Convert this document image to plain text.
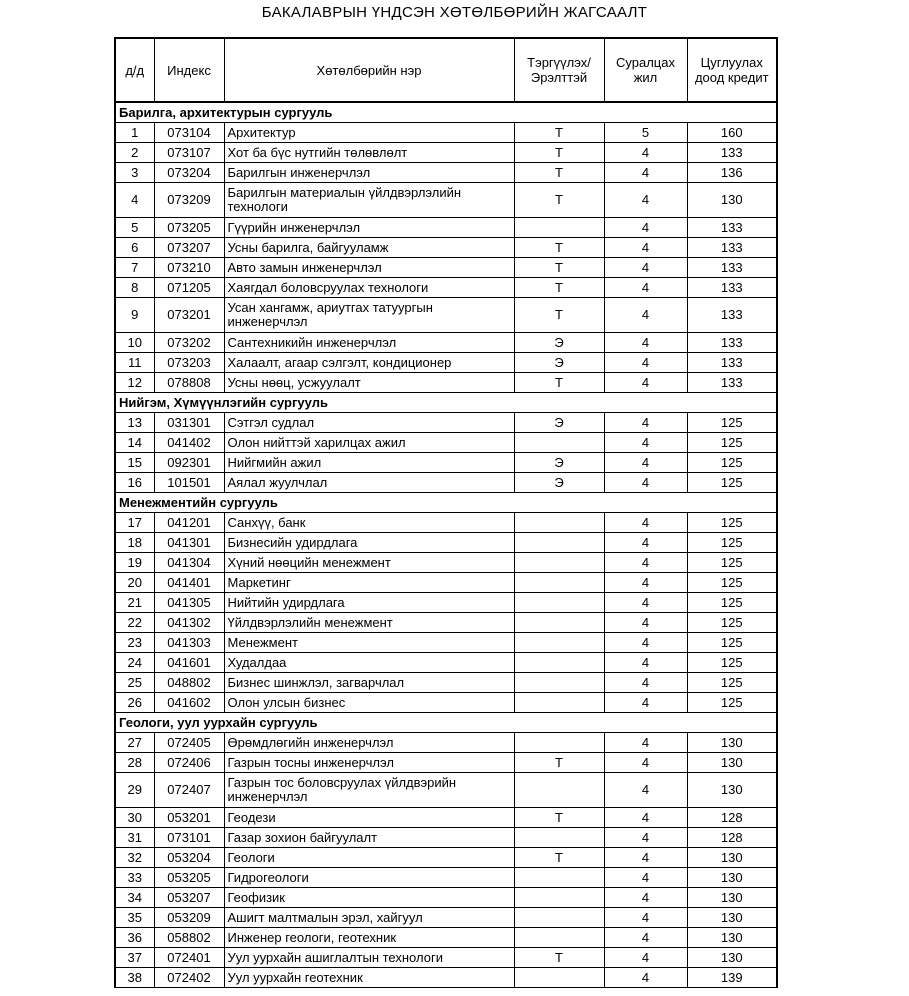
БАКАЛАВРЫН ҮНДСЭН ХӨТӨЛБӨРИЙН ЖАГСААЛТ
д/д	Индекс	Хөтөлбөрийн нэр	Тэргүүлэх/ Эрэлттэй	Суралцах жил	Цуглуулах доод кредит
Барилга, архитектурын сургууль					
1	073104	Архитектур	Т	5	160
2	073107	Хот ба бүс нутгийн төлөвлөлт	Т	4	133
3	073204	Барилгын инженерчлэл	Т	4	136
4	073209	Барилгын материалын үйлдвэрлэлийн технологи	Т	4	130
5	073205	Гүүрийн инженерчлэл		4	133
6	073207	Усны барилга, байгууламж	Т	4	133
7	073210	Авто замын инженерчлэл	Т	4	133
8	071205	Хаягдал боловсруулах технологи	Т	4	133
9	073201	Усан хангамж, ариутгах татуургын инженерчлэл	Т	4	133
10	073202	Сантехникийн инженерчлэл	Э	4	133
11	073203	Халаалт, агаар сэлгэлт, кондиционер	Э	4	133
12	078808	Усны нөөц, усжуулалт	Т	4	133
Нийгэм, Хүмүүнлэгийн сургууль					
13	031301	Сэтгэл судлал	Э	4	125
14	041402	Олон нийттэй харилцах ажил		4	125
15	092301	Нийгмийн ажил	Э	4	125
16	101501	Аялал жуулчлал	Э	4	125
Менежментийн сургууль					
17	041201	Санхүү, банк		4	125
18	041301	Бизнесийн удирдлага		4	125
19	041304	Хүний нөөцийн менежмент		4	125
20	041401	Маркетинг		4	125
21	041305	Нийтийн удирдлага		4	125
22	041302	Үйлдвэрлэлийн менежмент		4	125
23	041303	Менежмент		4	125
24	041601	Худалдаа		4	125
25	048802	Бизнес шинжлэл, загварчлал		4	125
26	041602	Олон улсын бизнес		4	125
Геологи, уул уурхайн сургууль					
27	072405	Өрөмдлөгийн инженерчлэл		4	130
28	072406	Газрын тосны инженерчлэл	Т	4	130
29	072407	Газрын тос боловсруулах үйлдвэрийн инженерчлэл		4	130
30	053201	Геодези	Т	4	128
31	073101	Газар зохион байгуулалт		4	128
32	053204	Геологи	Т	4	130
33	053205	Гидрогеологи		4	130
34	053207	Геофизик		4	130
35	053209	Ашигт малтмалын эрэл, хайгуул		4	130
36	058802	Инженер геологи, геотехник		4	130
37	072401	Уул уурхайн ашиглалтын технологи	Т	4	130
38	072402	Уул уурхайн геотехник		4	139
